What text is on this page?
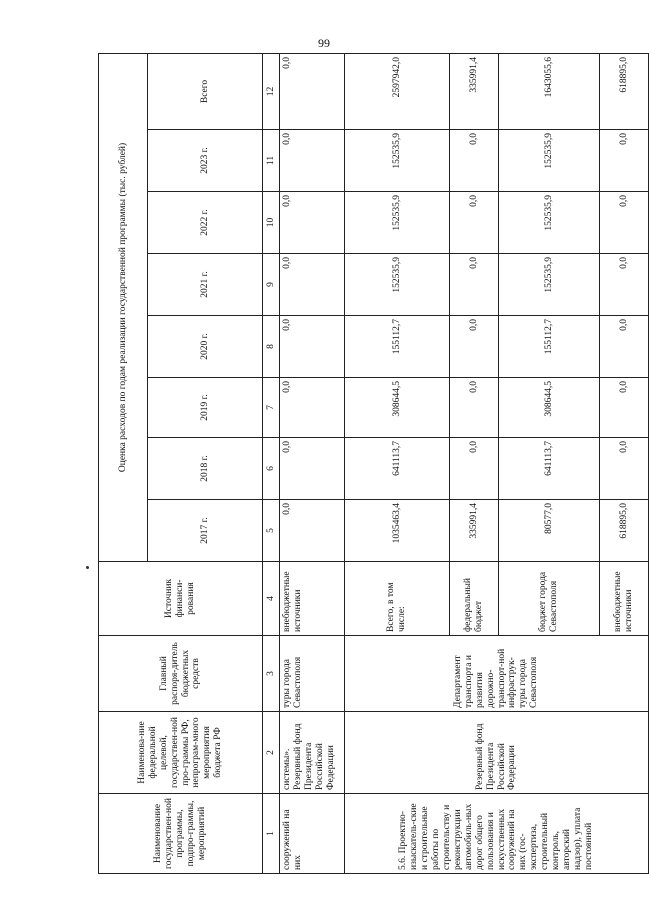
99
Наименование государствен-ной программы, подпро-граммы, мероприятий	Наименова-ние федеральной целевой, государствен-ной про-граммы РФ, непрограм-много мероприятия бюджета РФ	Главный распоря-дитель бюджетных средств	Источник финанси-рования	Оценка расходов по годам реализации государственной программы (тыс. рублей)							
				2017 г.	2018 г.	2019 г.	2020 г.	2021 г.	2022 г.	2023 г.	Всего
1	2	3	4	5	6	7	8	9	10	11	12
сооружений на них	системы». Резервный фонд Президента Российской Федерации	туры города Севастополя	внебюджетные источники	0,0	0,0	0,0	0,0	0,0	0,0	0,0	0,0
5.6. Проектно-изыскатель-ские и строительные работы по строительству и реконструкции автомобиль-ных дорог общего пользования и искусственных сооружений на них (гос-экспертиза, строительный контроль, авторский надзор), уплата постоянной	Резервный фонд Президента Российской Федерации	Департамент транспорта и развития дорожно-транспорт-ной инфраструк-туры города Севастополя	Всего, в том числе:	1035463,4	641113,7	308644,5	155112,7	152535,9	152535,9	152535,9	2597942,0
			федеральный бюджет	335991,4	0,0	0,0	0,0	0,0	0,0	0,0	335991,4
			бюджет города Севастополя	80577,0	641113,7	308644,5	155112,7	152535,9	152535,9	152535,9	1643055,6
			внебюджетные источники	618895,0	0,0	0,0	0,0	0,0	0,0	0,0	618895,0
